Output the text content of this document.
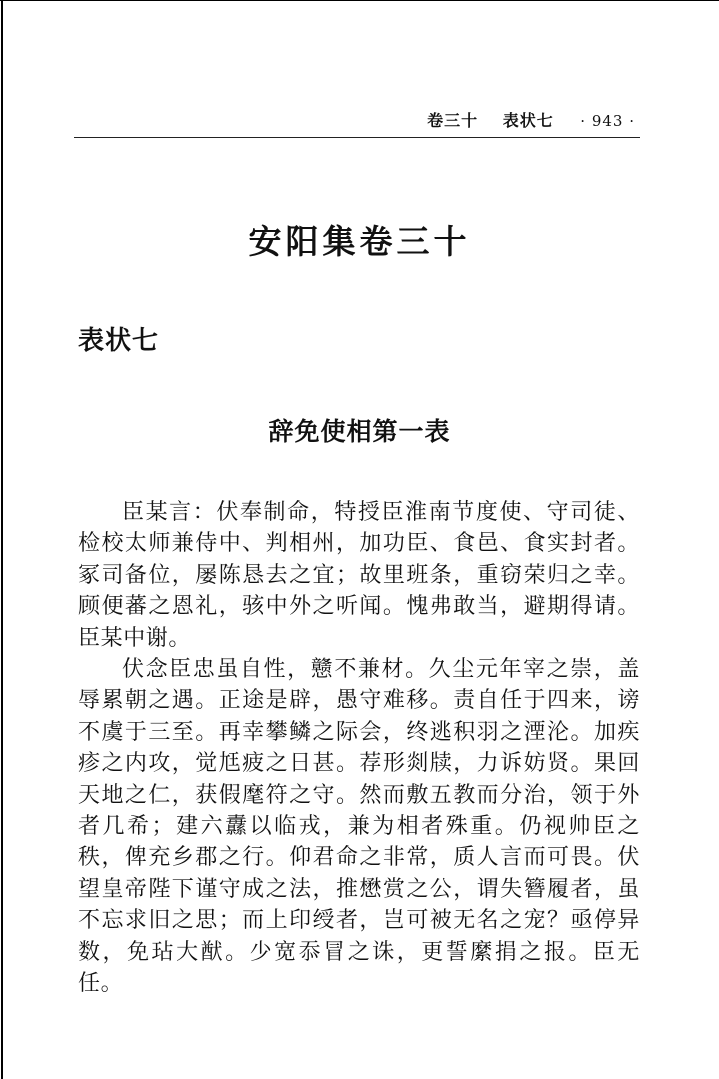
卷三十 表状七 · 943 ·
安阳集卷三十
表状七
辞免使相第一表

臣某言：伏奉制命，特授臣淮南节度使、守司徒、检校太师兼侍中、判相州，加功臣、食邑、食实封者。冢司备位，屡陈恳去之宜；故里班条，重窃荣归之幸。顾便蕃之恩礼，骇中外之听闻。愧弗敢当，避期得请。臣某中谢。

伏念臣忠虽自性，戆不兼材。久尘元年宰之崇，盖辱累朝之遇。正途是辟，愚守难移。责自任于四来，谤不虞于三至。再幸攀鳞之际会，终逃积羽之湮沦。加疾疹之内攻，觉尪疲之日甚。荐形剡牍，力诉妨贤。果回天地之仁，获假麾符之守。然而敷五教而分治，领于外者几希；建六纛以临戎，兼为相者殊重。仍视帅臣之秩，俾充乡郡之行。仰君命之非常，质人言而可畏。伏望皇帝陛下谨守成之法，推懋赏之公，谓失簪履者，虽不忘求旧之思；而上印绶者，岂可被无名之宠？亟停异数，免玷大猷。少宽忝冒之诛，更誓縻捐之报。臣无任。
